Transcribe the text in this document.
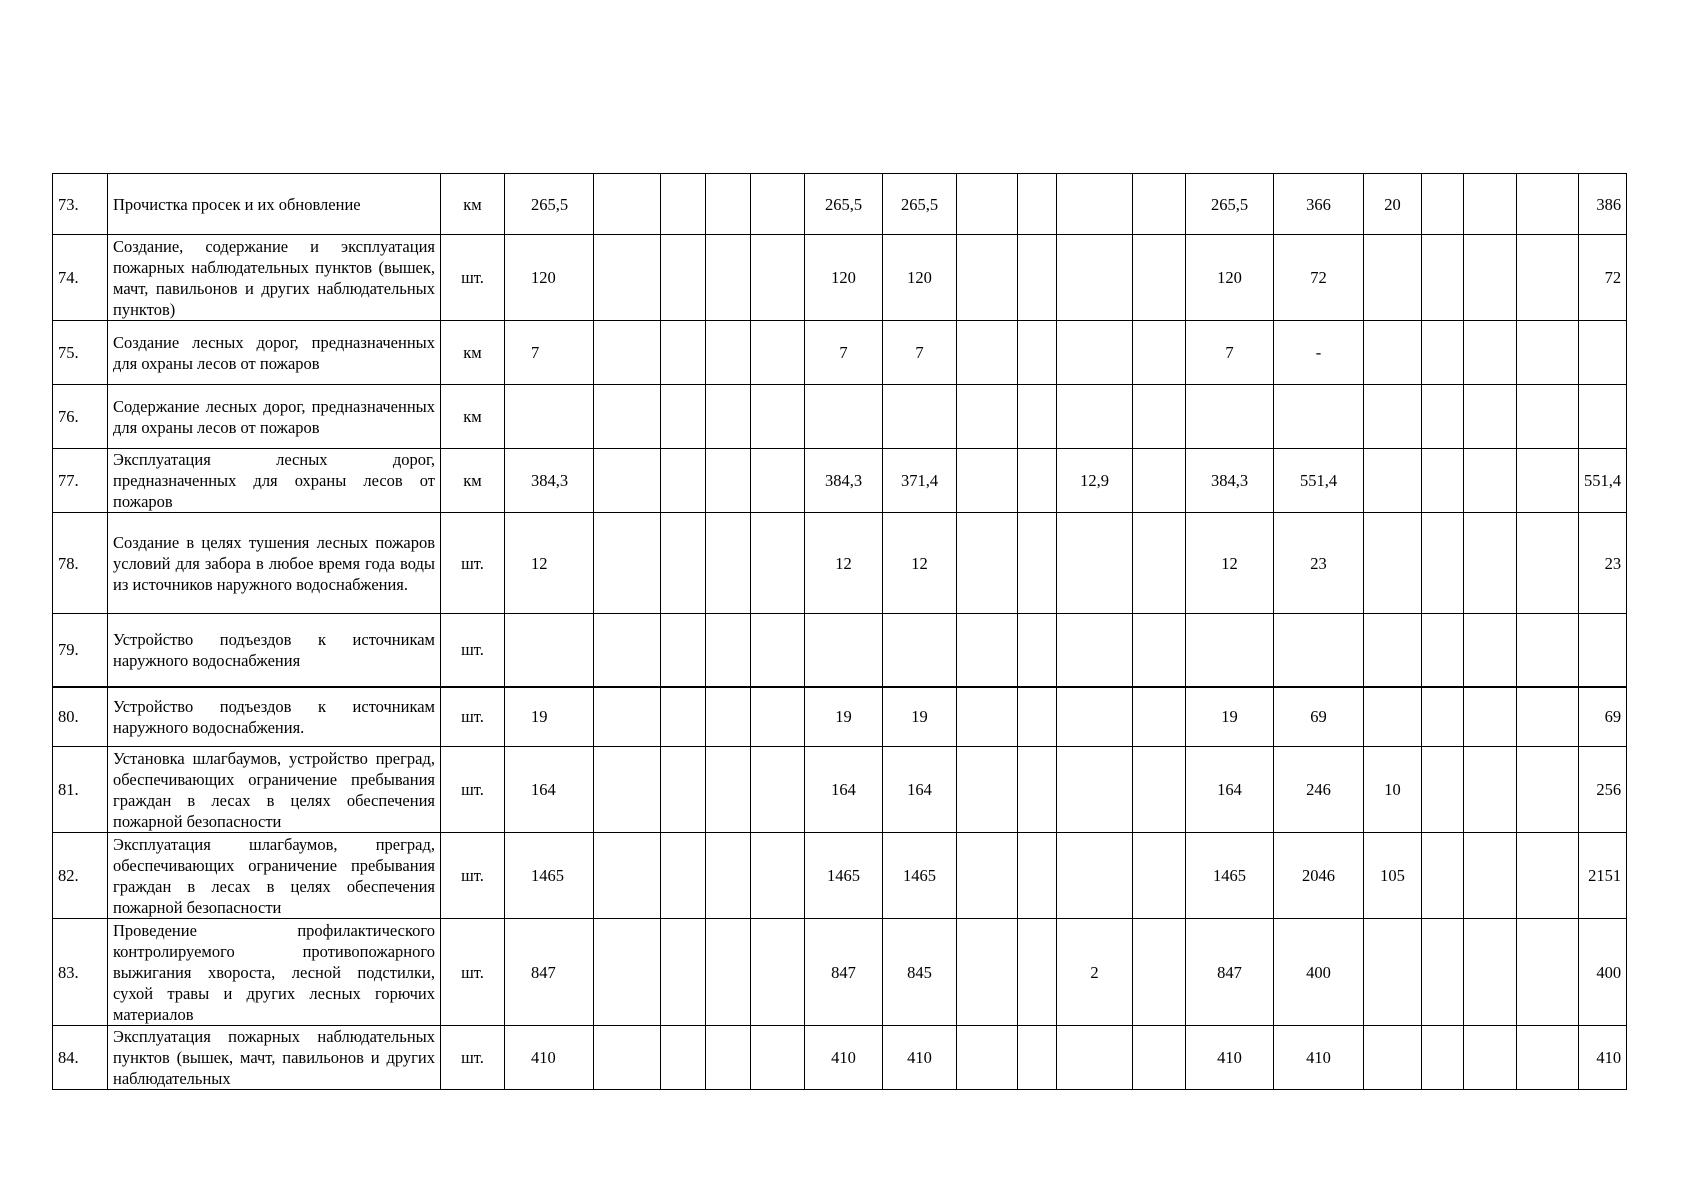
73.	Прочистка просек и их обновление	км	265,5					265,5	265,5					265,5	366	20				386
74.	Создание, содержание и эксплуатация пожарных наблюдательных пунктов (вышек, мачт, павильонов и других наблюдательных пунктов)	шт.	120					120	120					120	72					72
75.	Создание лесных дорог, предназначенных для охраны лесов от пожаров	км	7					7	7					7	-					
76.	Содержание лесных дорог, предназначенных для охраны лесов от пожаров	км																		
77.	Эксплуатация лесных дорог, предназначенных для охраны лесов от пожаров	км	384,3					384,3	371,4			12,9		384,3	551,4					551,4
78.	Создание в целях тушения лесных пожаров условий для забора в любое время года воды из источников наружного водоснабжения.	шт.	12					12	12					12	23					23
79.	Устройство подъездов к источникам наружного водоснабжения	шт.																		
80.	Устройство подъездов к источникам наружного водоснабжения.	шт.	19					19	19					19	69					69
81.	Установка шлагбаумов, устройство преград, обеспечивающих ограничение пребывания граждан в лесах в целях обеспечения пожарной безопасности	шт.	164					164	164					164	246	10				256
82.	Эксплуатация шлагбаумов, преград, обеспечивающих ограничение пребывания граждан в лесах в целях обеспечения пожарной безопасности	шт.	1465					1465	1465					1465	2046	105				2151
83.	Проведение профилактического контролируемого противопожарного выжигания хвороста, лесной подстилки, сухой травы и других лесных горючих материалов	шт.	847					847	845			2		847	400					400
84.	Эксплуатация пожарных наблюдательных пунктов (вышек, мачт, павильонов и других наблюдательных	шт.	410					410	410					410	410					410
